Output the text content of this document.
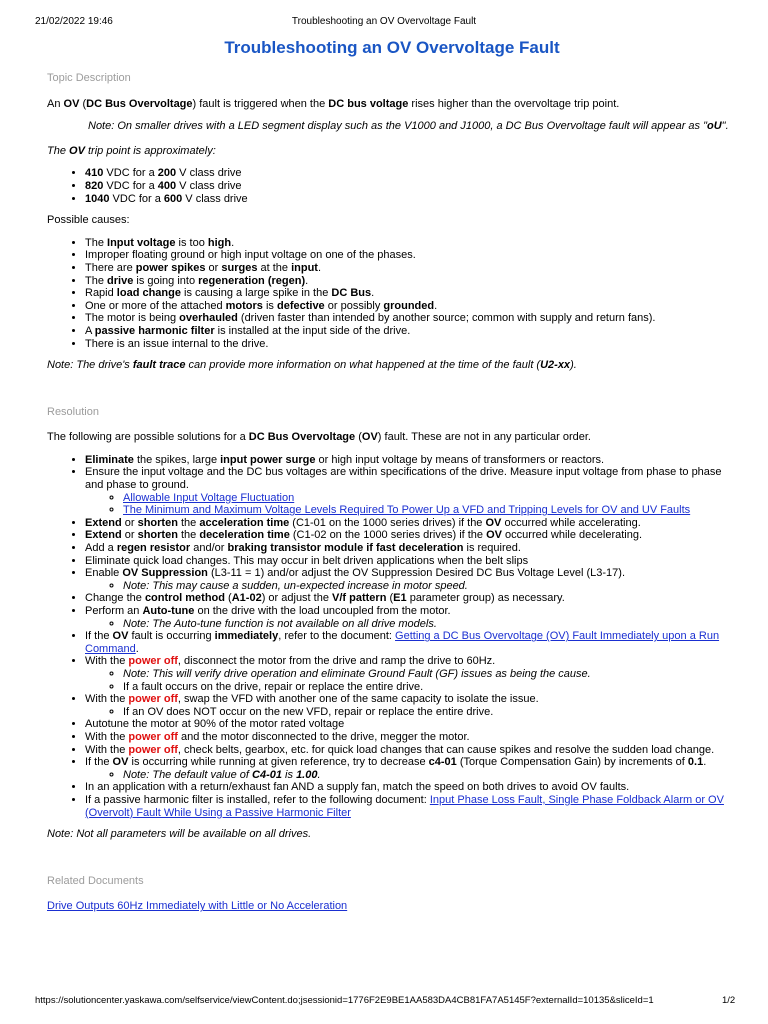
21/02/2022 19:46	Troubleshooting an OV Overvoltage Fault
Troubleshooting an OV Overvoltage Fault
Topic Description

An OV (DC Bus Overvoltage) fault is triggered when the DC bus voltage rises higher than the overvoltage trip point.

Note: On smaller drives with a LED segment display such as the V1000 and J1000, a DC Bus Overvoltage fault will appear as "oU".

The OV trip point is approximately:

• 410 VDC for a 200 V class drive
• 820 VDC for a 400 V class drive
• 1040 VDC for a 600 V class drive

Possible causes:

• The Input voltage is too high.
• Improper floating ground or high input voltage on one of the phases.
• There are power spikes or surges at the input.
• The drive is going into regeneration (regen).
• Rapid load change is causing a large spike in the DC Bus.
• One or more of the attached motors is defective or possibly grounded.
• The motor is being overhauled (driven faster than intended by another source; common with supply and return fans).
• A passive harmonic filter is installed at the input side of the drive.
• There is an issue internal to the drive.

Note: The drive's fault trace can provide more information on what happened at the time of the fault (U2-xx).

Resolution

The following are possible solutions for a DC Bus Overvoltage (OV) fault. These are not in any particular order.

• Eliminate the spikes, large input power surge or high input voltage by means of transformers or reactors.
• Ensure the input voltage and the DC bus voltages are within specifications of the drive. Measure input voltage from phase to phase and phase to ground.
◦ Allowable Input Voltage Fluctuation
◦ The Minimum and Maximum Voltage Levels Required To Power Up a VFD and Tripping Levels for OV and UV Faults
• Extend or shorten the acceleration time (C1-01 on the 1000 series drives) if the OV occurred while accelerating.
• Extend or shorten the deceleration time (C1-02 on the 1000 series drives) if the OV occurred while decelerating.
• Add a regen resistor and/or braking transistor module if fast deceleration is required.
• Eliminate quick load changes. This may occur in belt driven applications when the belt slips
• Enable OV Suppression (L3-11 = 1) and/or adjust the OV Suppression Desired DC Bus Voltage Level (L3-17).
◦ Note: This may cause a sudden, un-expected increase in motor speed.
• Change the control method (A1-02) or adjust the V/f pattern (E1 parameter group) as necessary.
• Perform an Auto-tune on the drive with the load uncoupled from the motor.
◦ Note: The Auto-tune function is not available on all drive models.
• If the OV fault is occurring immediately, refer to the document: Getting a DC Bus Overvoltage (OV) Fault Immediately upon a Run Command.
• With the power off, disconnect the motor from the drive and ramp the drive to 60Hz.
◦ Note: This will verify drive operation and eliminate Ground Fault (GF) issues as being the cause.
◦ If a fault occurs on the drive, repair or replace the entire drive.
• With the power off, swap the VFD with another one of the same capacity to isolate the issue.
◦ If an OV does NOT occur on the new VFD, repair or replace the entire drive.
• Autotune the motor at 90% of the motor rated voltage
• With the power off and the motor disconnected to the drive, megger the motor.
• With the power off, check belts, gearbox, etc. for quick load changes that can cause spikes and resolve the sudden load change.
• If the OV is occurring while running at given reference, try to decrease c4-01 (Torque Compensation Gain) by increments of 0.1.
◦ Note: The default value of C4-01 is 1.00.
• In an application with a return/exhaust fan AND a supply fan, match the speed on both drives to avoid OV faults.
• If a passive harmonic filter is installed, refer to the following document: Input Phase Loss Fault, Single Phase Foldback Alarm or OV (Overvolt) Fault While Using a Passive Harmonic Filter

Note: Not all parameters will be available on all drives.

Related Documents
Drive Outputs 60Hz Immediately with Little or No Acceleration
https://solutioncenter.yaskawa.com/selfservice/viewContent.do;jsessionid=1776F2E9BE1AA583DA4CB81FA7A5145F?externalId=10135&sliceId=1	1/2
